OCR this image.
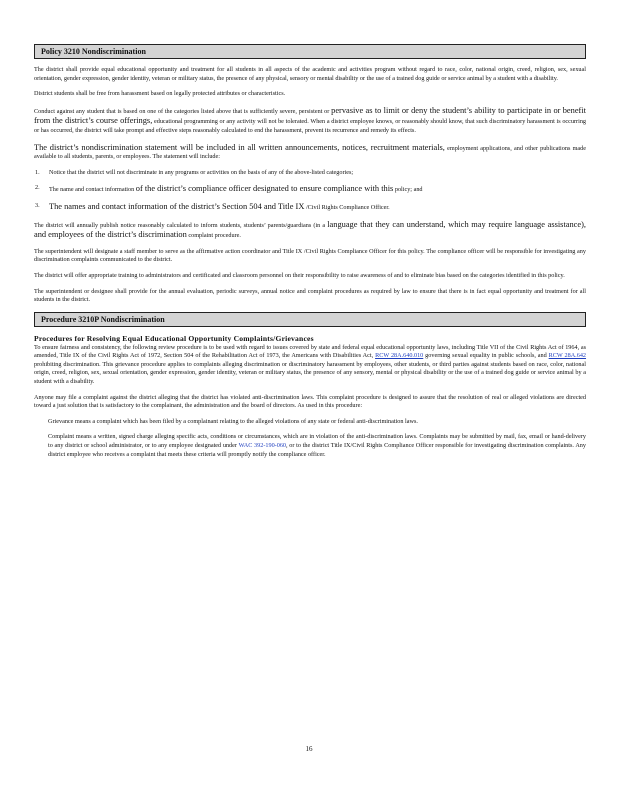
Policy 3210 Nondiscrimination

The district shall provide equal educational opportunity and treatment for all students in all aspects of the academic and activities program without regard to race, color, national origin, creed, religion, sex, sexual orientation, gender expression, gender identity, veteran or military status, the presence of any physical, sensory or mental disability or the use of a trained dog guide or service animal by a student with a disability.

District students shall be free from harassment based on legally protected attributes or characteristics.

Conduct against any student that is based on one of the categories listed above that is sufficiently severe, persistent or pervasive as to limit or deny the student’s ability to participate in or benefit from the district’s course offerings, educational programming or any activity will not be tolerated. When a district employee knows, or reasonably should know, that such discriminatory harassment is occurring or has occurred, the district will take prompt and effective steps reasonably calculated to end the harassment, prevent its recurrence and remedy its effects.

The district’s nondiscrimination statement will be included in all written announcements, notices, recruitment materials, employment applications, and other publications made available to all students, parents, or employees. The statement will include:

1.	Notice that the district will not discriminate in any programs or activities on the basis of any of the above-listed categories;
2.	The name and contact information of the district’s compliance officer designated to ensure compliance with this policy; and
3.	The names and contact information of the district’s Section 504 and Title IX /Civil Rights Compliance Officer.

The district will annually publish notice reasonably calculated to inform students, students’ parents/guardians (in a language that they can understand, which may require language assistance), and employees of the district’s discrimination complaint procedure.

The superintendent will designate a staff member to serve as the affirmative action coordinator and Title IX /Civil Rights Compliance Officer for this policy. The compliance officer will be responsible for investigating any discrimination complaints communicated to the district.

The district will offer appropriate training to administrators and certificated and classroom personnel on their responsibility to raise awareness of and to eliminate bias based on the categories identified in this policy.

The superintendent or designee shall provide for the annual evaluation, periodic surveys, annual notice and complaint procedures as required by law to ensure that there is in fact equal opportunity and treatment for all students in the district.

Procedure 3210P Nondiscrimination
Procedures for Resolving Equal Educational Opportunity Complaints/Grievances

To ensure fairness and consistency, the following review procedure is to be used with regard to issues covered by state and federal equal educational opportunity laws, including Title VII of the Civil Rights Act of 1964, as amended, Title IX of the Civil Rights Act of 1972, Section 504 of the Rehabilitation Act of 1973, the Americans with Disabilities Act, RCW 28A.640.010 governing sexual equality in public schools, and RCW 28A.642 prohibiting discrimination. This grievance procedure applies to complaints alleging discrimination or discriminatory harassment by employees, other students, or third parties against students based on race, color, national origin, creed, religion, sex, sexual orientation, gender expression, gender identity, veteran or military status, the presence of any sensory, mental or physical disability or the use of a trained dog guide or service animal by a student with a disability.

Anyone may file a complaint against the district alleging that the district has violated anti-discrimination laws. This complaint procedure is designed to assure that the resolution of real or alleged violations are directed toward a just solution that is satisfactory to the complainant, the administration and the board of directors. As used in this procedure:

Grievance means a complaint which has been filed by a complainant relating to the alleged violations of any state or federal anti-discrimination laws.
Complaint means a written, signed charge alleging specific acts, conditions or circumstances, which are in violation of the anti-discrimination laws. Complaints may be submitted by mail, fax, email or hand-delivery to any district or school administrator, or to any employee designated under WAC 392-190-060, or to the district Title IX/Civil Rights Compliance Officer responsible for investigating discrimination complaints. Any district employee who receives a complaint that meets these criteria will promptly notify the compliance officer.
16
